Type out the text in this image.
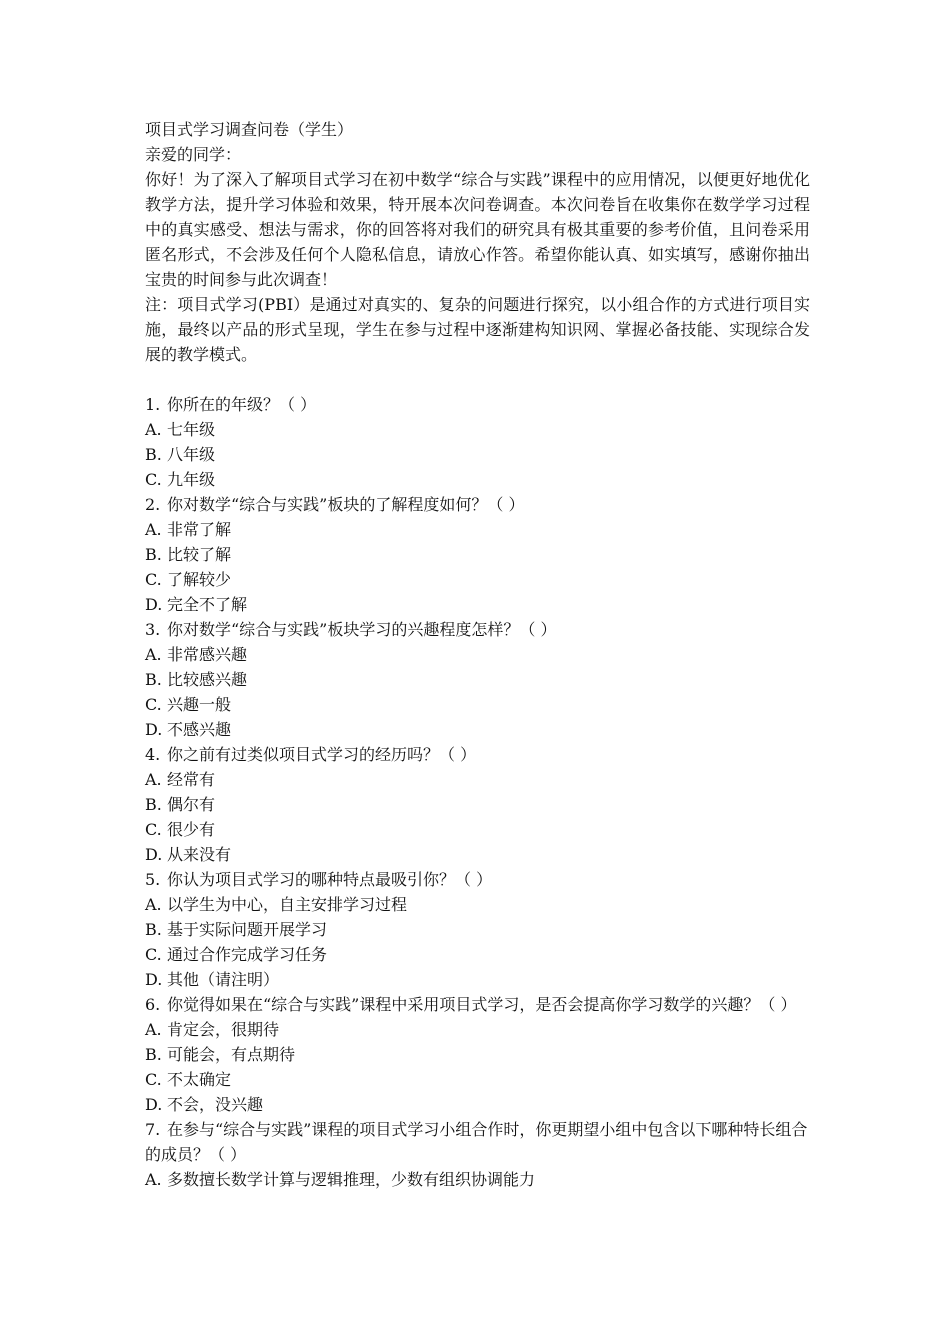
项目式学习调查问卷（学生）
亲爱的同学：
你好！为了深入了解项目式学习在初中数学“综合与实践”课程中的应用情况，以便更好地优化教学方法，提升学习体验和效果，特开展本次问卷调查。本次问卷旨在收集你在数学学习过程中的真实感受、想法与需求，你的回答将对我们的研究具有极其重要的参考价值，且问卷采用匿名形式，不会涉及任何个人隐私信息，请放心作答。希望你能认真、如实填写，感谢你抽出宝贵的时间参与此次调查！
注：项目式学习(PBI）是通过对真实的、复杂的问题进行探究，以小组合作的方式进行项目实施，最终以产品的形式呈现，学生在参与过程中逐渐建构知识网、掌握必备技能、实现综合发展的教学模式。
1. 你所在的年级？（ ）
A. 七年级
B. 八年级
C. 九年级
2. 你对数学“综合与实践”板块的了解程度如何？（ ）
A. 非常了解
B. 比较了解
C. 了解较少
D. 完全不了解
3. 你对数学“综合与实践”板块学习的兴趣程度怎样？（ ）
A. 非常感兴趣
B. 比较感兴趣
C. 兴趣一般
D. 不感兴趣
4. 你之前有过类似项目式学习的经历吗？（ ）
A. 经常有
B. 偶尔有
C. 很少有
D. 从来没有
5. 你认为项目式学习的哪种特点最吸引你？（ ）
A. 以学生为中心，自主安排学习过程
B. 基于实际问题开展学习
C. 通过合作完成学习任务
D. 其他（请注明）
6. 你觉得如果在“综合与实践”课程中采用项目式学习，是否会提高你学习数学的兴趣？（ ）
A. 肯定会，很期待
B. 可能会，有点期待
C. 不太确定
D. 不会，没兴趣
7. 在参与“综合与实践”课程的项目式学习小组合作时，你更期望小组中包含以下哪种特长组合的成员？（ ）
A. 多数擅长数学计算与逻辑推理，少数有组织协调能力
